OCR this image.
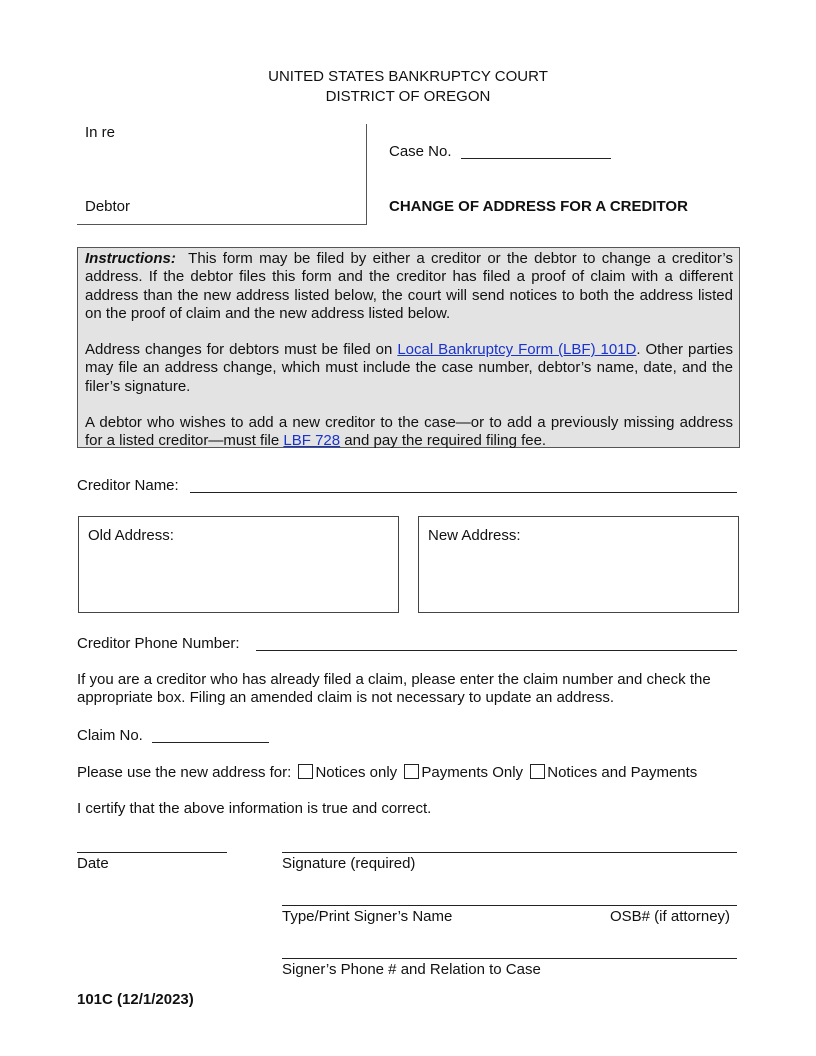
UNITED STATES BANKRUPTCY COURT
DISTRICT OF OREGON
In re
Debtor
Case No.
CHANGE OF ADDRESS FOR A CREDITOR

Instructions: This form may be filed by either a creditor or the debtor to change a creditor’s address. If the debtor files this form and the creditor has filed a proof of claim with a different address than the new address listed below, the court will send notices to both the address listed on the proof of claim and the new address listed below.

Address changes for debtors must be filed on Local Bankruptcy Form (LBF) 101D. Other parties may file an address change, which must include the case number, debtor’s name, date, and the filer’s signature.

A debtor who wishes to add a new creditor to the case—or to add a previously missing address for a listed creditor—must file LBF 728 and pay the required filing fee.

Creditor Name:
Old Address:	New Address:
Creditor Phone Number:
If you are a creditor who has already filed a claim, please enter the claim number and check the appropriate box. Filing an amended claim is not necessary to update an address.
Claim No.
Please use the new address for: Notices only Payments Only Notices and Payments
I certify that the above information is true and correct.
Date	Signature (required)
Type/Print Signer’s Name	OSB# (if attorney)
Signer’s Phone # and Relation to Case
101C (12/1/2023)
